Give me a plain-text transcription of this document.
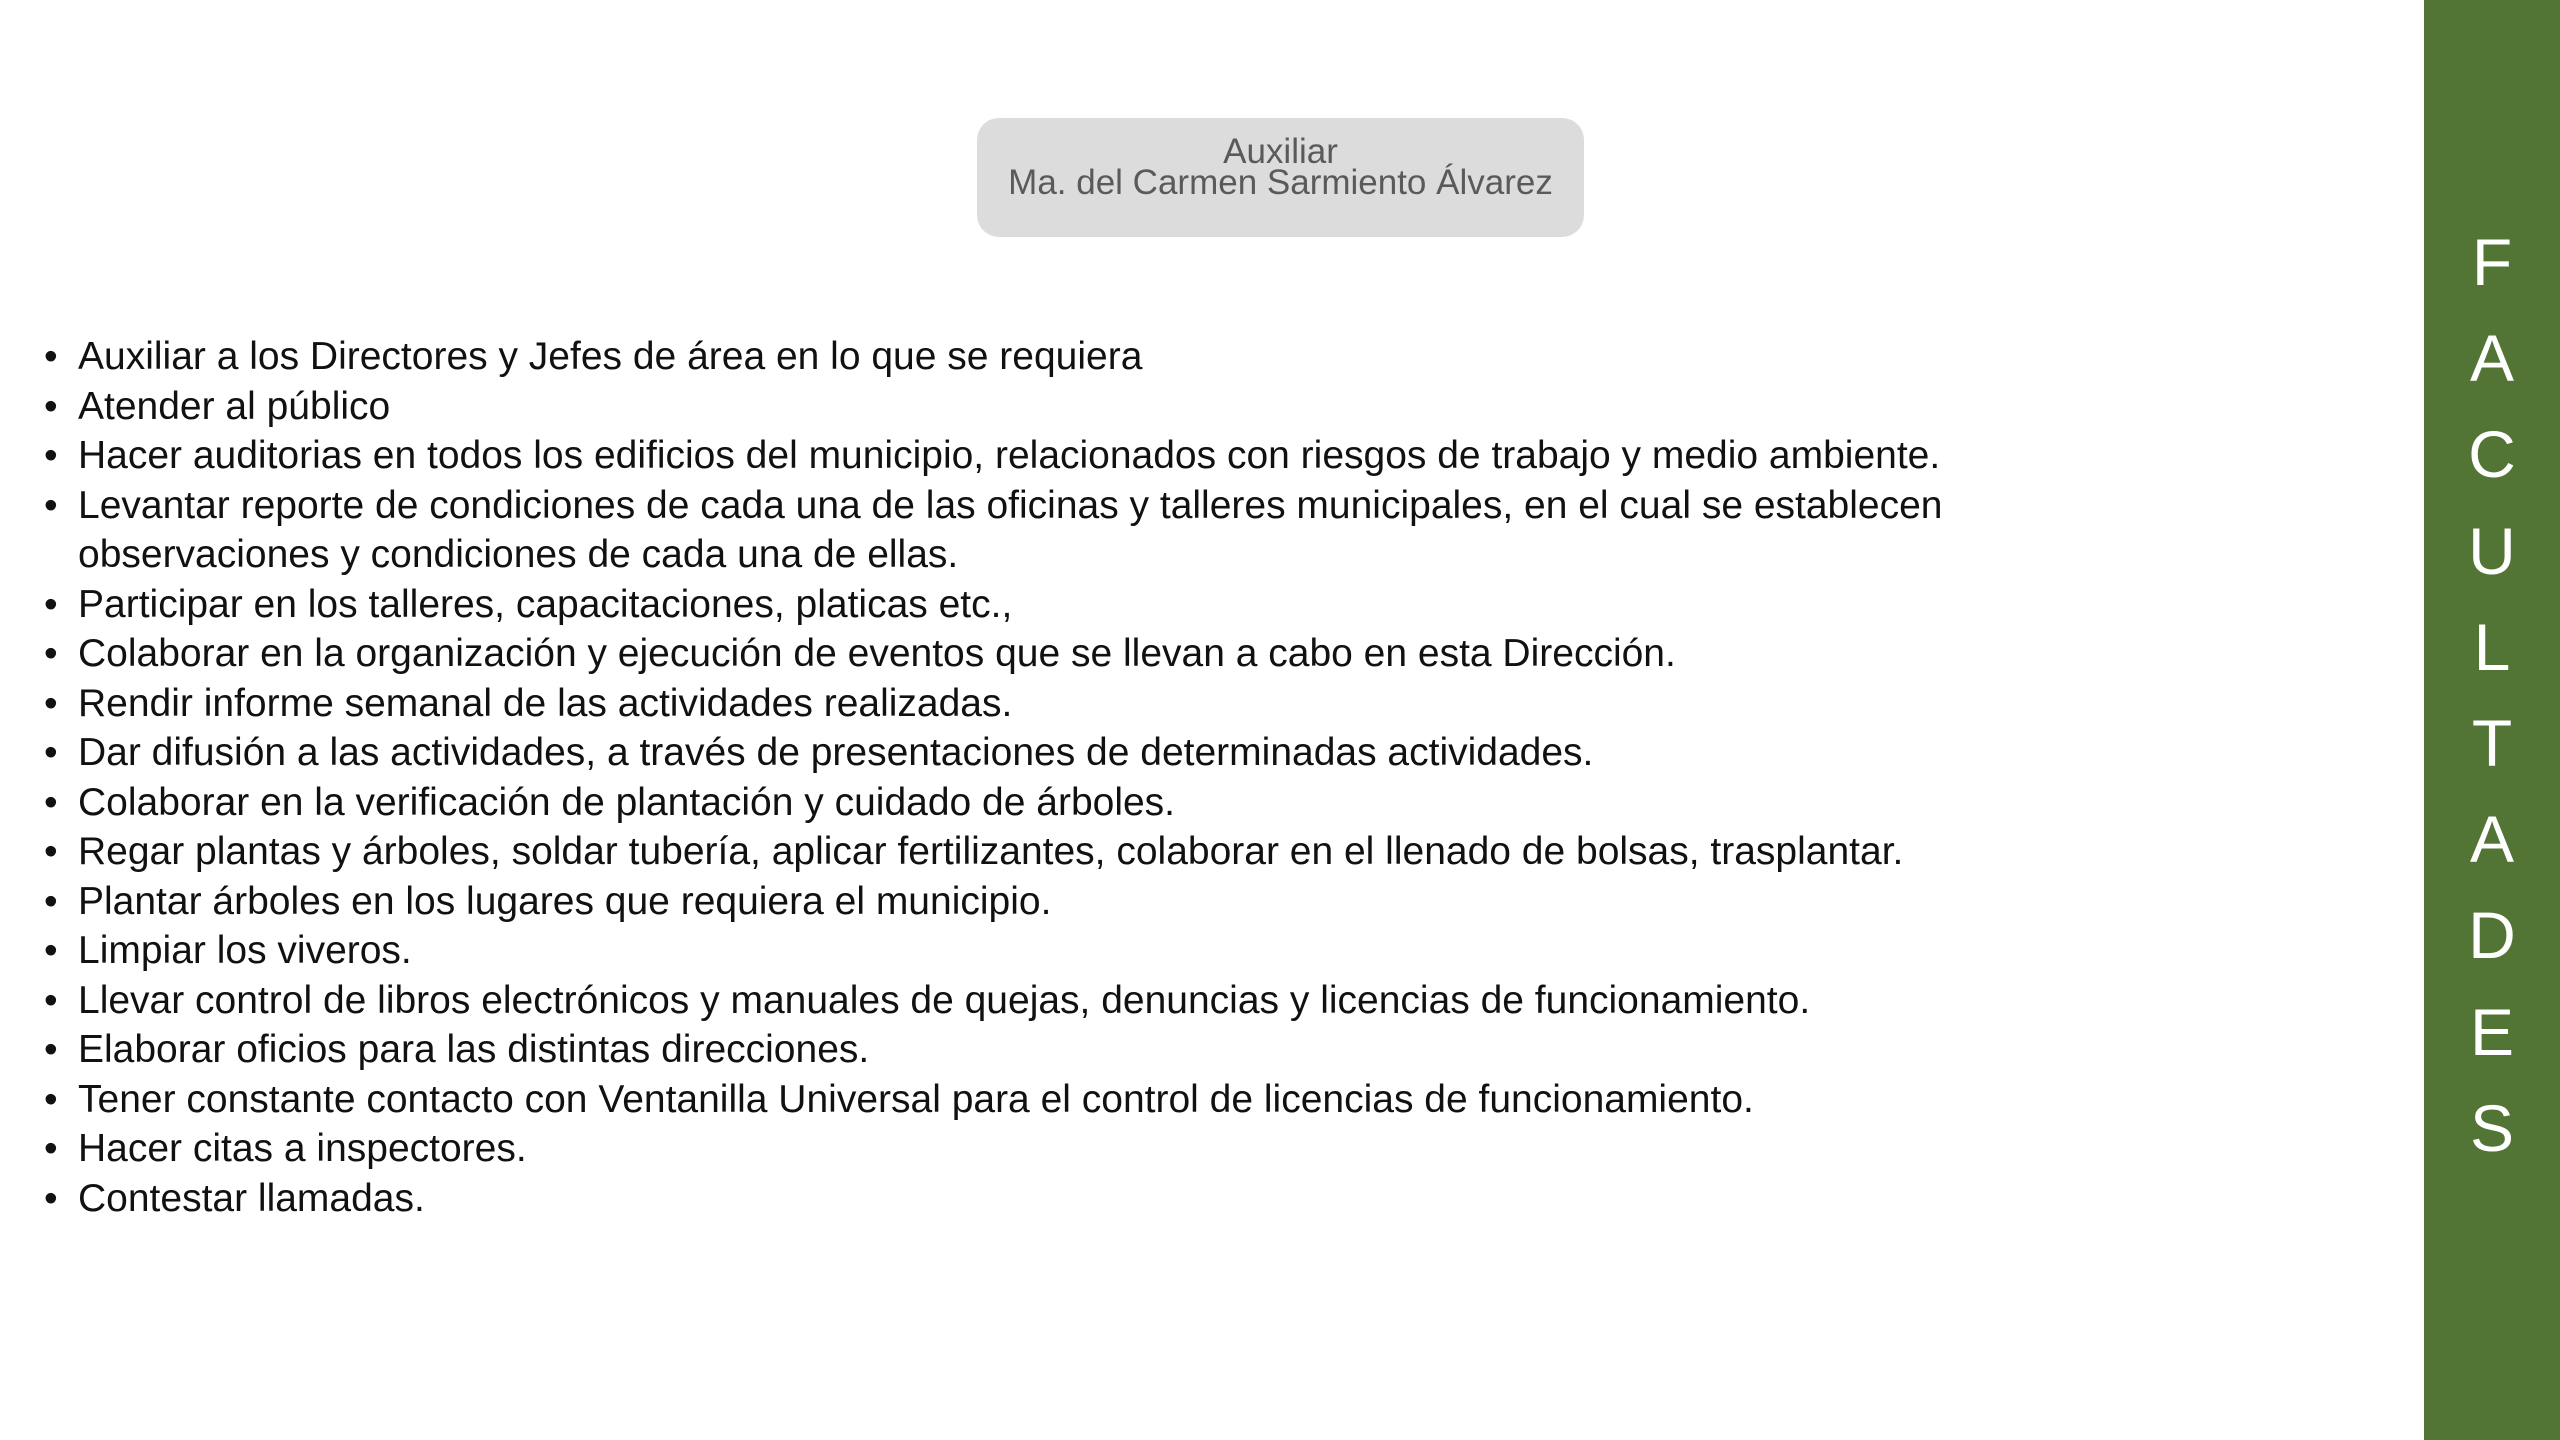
Auxiliar
Ma. del Carmen Sarmiento Álvarez
• Auxiliar a los Directores y Jefes de área en lo que se requiera
• Atender al público
• Hacer auditorias en todos los edificios del municipio, relacionados con riesgos de trabajo y medio ambiente.
• Levantar reporte de condiciones de cada una de las oficinas y talleres municipales, en el cual se establecen observaciones y condiciones de cada una de ellas.
• Participar en los talleres, capacitaciones, platicas etc.,
• Colaborar en la organización y ejecución de eventos que se llevan a cabo en esta Dirección.
• Rendir informe semanal de las actividades realizadas.
• Dar difusión a las actividades, a través de presentaciones de determinadas actividades.
• Colaborar en la verificación de plantación y cuidado de árboles.
• Regar plantas y árboles, soldar tubería, aplicar fertilizantes, colaborar en el llenado de bolsas, trasplantar.
• Plantar árboles en los lugares que requiera el municipio.
• Limpiar los viveros.
• Llevar control de libros electrónicos y manuales de quejas, denuncias y licencias de funcionamiento.
• Elaborar oficios para las distintas direcciones.
• Tener constante contacto con Ventanilla Universal para el control de licencias de funcionamiento.
• Hacer citas a inspectores.
• Contestar llamadas.
F
A
C
U
L
T
A
D
E
S
